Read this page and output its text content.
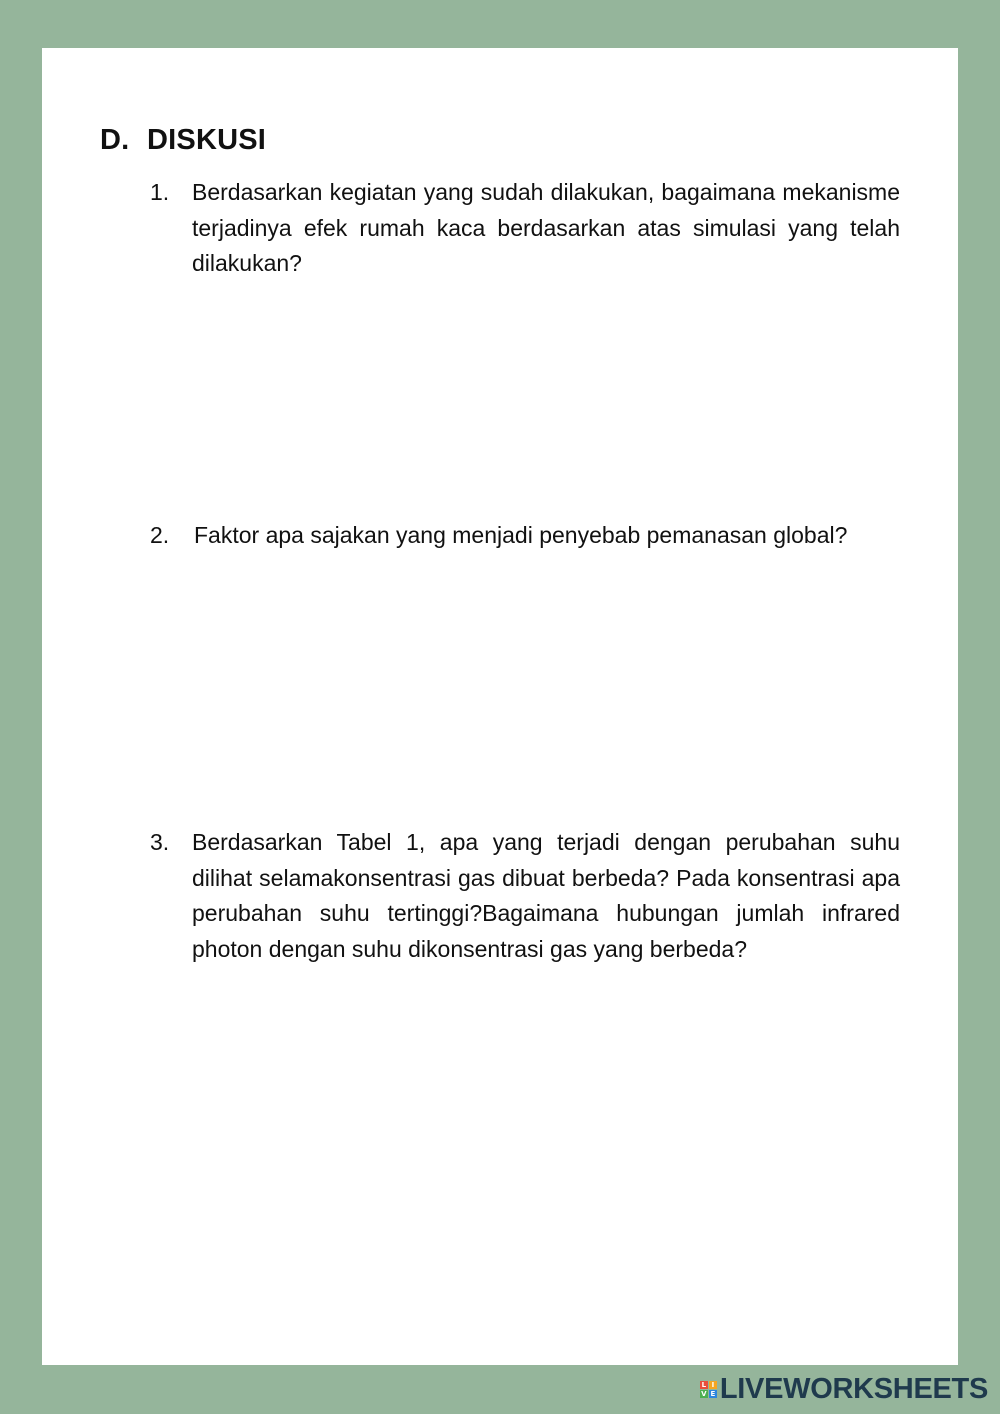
D. DISKUSI
1. Berdasarkan kegiatan yang sudah dilakukan, bagaimana mekanisme terjadinya efek rumah kaca berdasarkan atas simulasi yang telah dilakukan?
2.	Faktor apa sajakan yang menjadi penyebab pemanasan global?
3. Berdasarkan Tabel 1, apa yang terjadi dengan perubahan suhu dilihat selamakonsentrasi gas dibuat berbeda? Pada konsentrasi apa perubahan suhu tertinggi?Bagaimana hubungan jumlah infrared photon dengan suhu dikonsentrasi gas yang berbeda?
L I
V E LIVEWORKSHEETS
